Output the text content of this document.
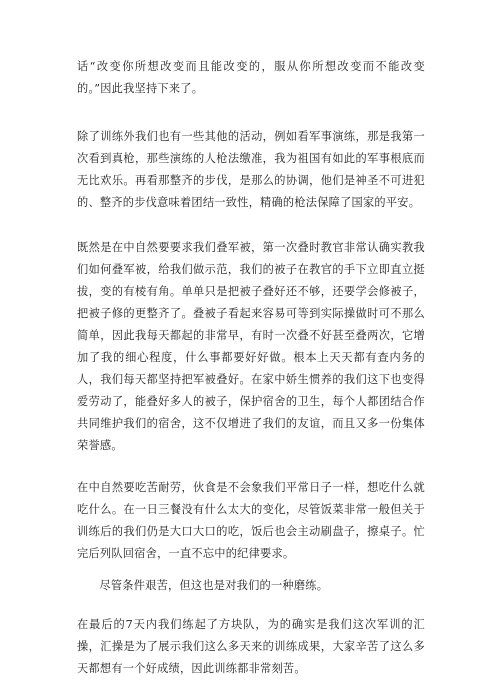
话“改变你所想改变而且能改变的，服从你所想改变而不能改变的。”因此我坚持下来了。

除了训练外我们也有一些其他的活动，例如看军事演练，那是我第一次看到真枪，那些演练的人枪法缴准，我为祖国有如此的军事根底而无比欢乐。再看那整齐的步伐，是那么的协调，他们是神圣不可进犯的、整齐的步伐意味着团结一致性，精确的枪法保障了国家的平安。

既然是在中自然要要求我们叠军被，第一次叠时教官非常认确实教我们如何叠军被，给我们做示范，我们的被子在教官的手下立即直立挺拔，变的有棱有角。单单只是把被子叠好还不够，还要学会修被子，把被子修的更整齐了。叠被子看起来容易可等到实际操做时可不那么简单，因此我每天都起的非常早，有时一次叠不好甚至叠两次，它增加了我的细心程度，什么事都要好好做。根本上天天都有查内务的人，我们每天都坚持把军被叠好。在家中娇生惯养的我们这下也变得爱劳动了，能叠好多人的被子，保护宿舍的卫生，每个人都团结合作共同维护我们的宿舍，这不仅增进了我们的友谊，而且又多一份集体荣誉感。

在中自然要吃苦耐劳，伙食是不会象我们平常日子一样，想吃什么就吃什么。在一日三餐没有什么太大的变化，尽管饭菜非常一般但关于训练后的我们仍是大口大口的吃，饭后也会主动刷盘子，擦桌子。忙完后列队回宿舍，一直不忘中的纪律要求。

尽管条件艰苦，但这也是对我们的一种磨练。

在最后的7天内我们练起了方块队，为的确实是我们这次军训的汇操，汇操是为了展示我们这么多天来的训练成果，大家辛苦了这么多天都想有一个好成绩，因此训练都非常刻苦。
